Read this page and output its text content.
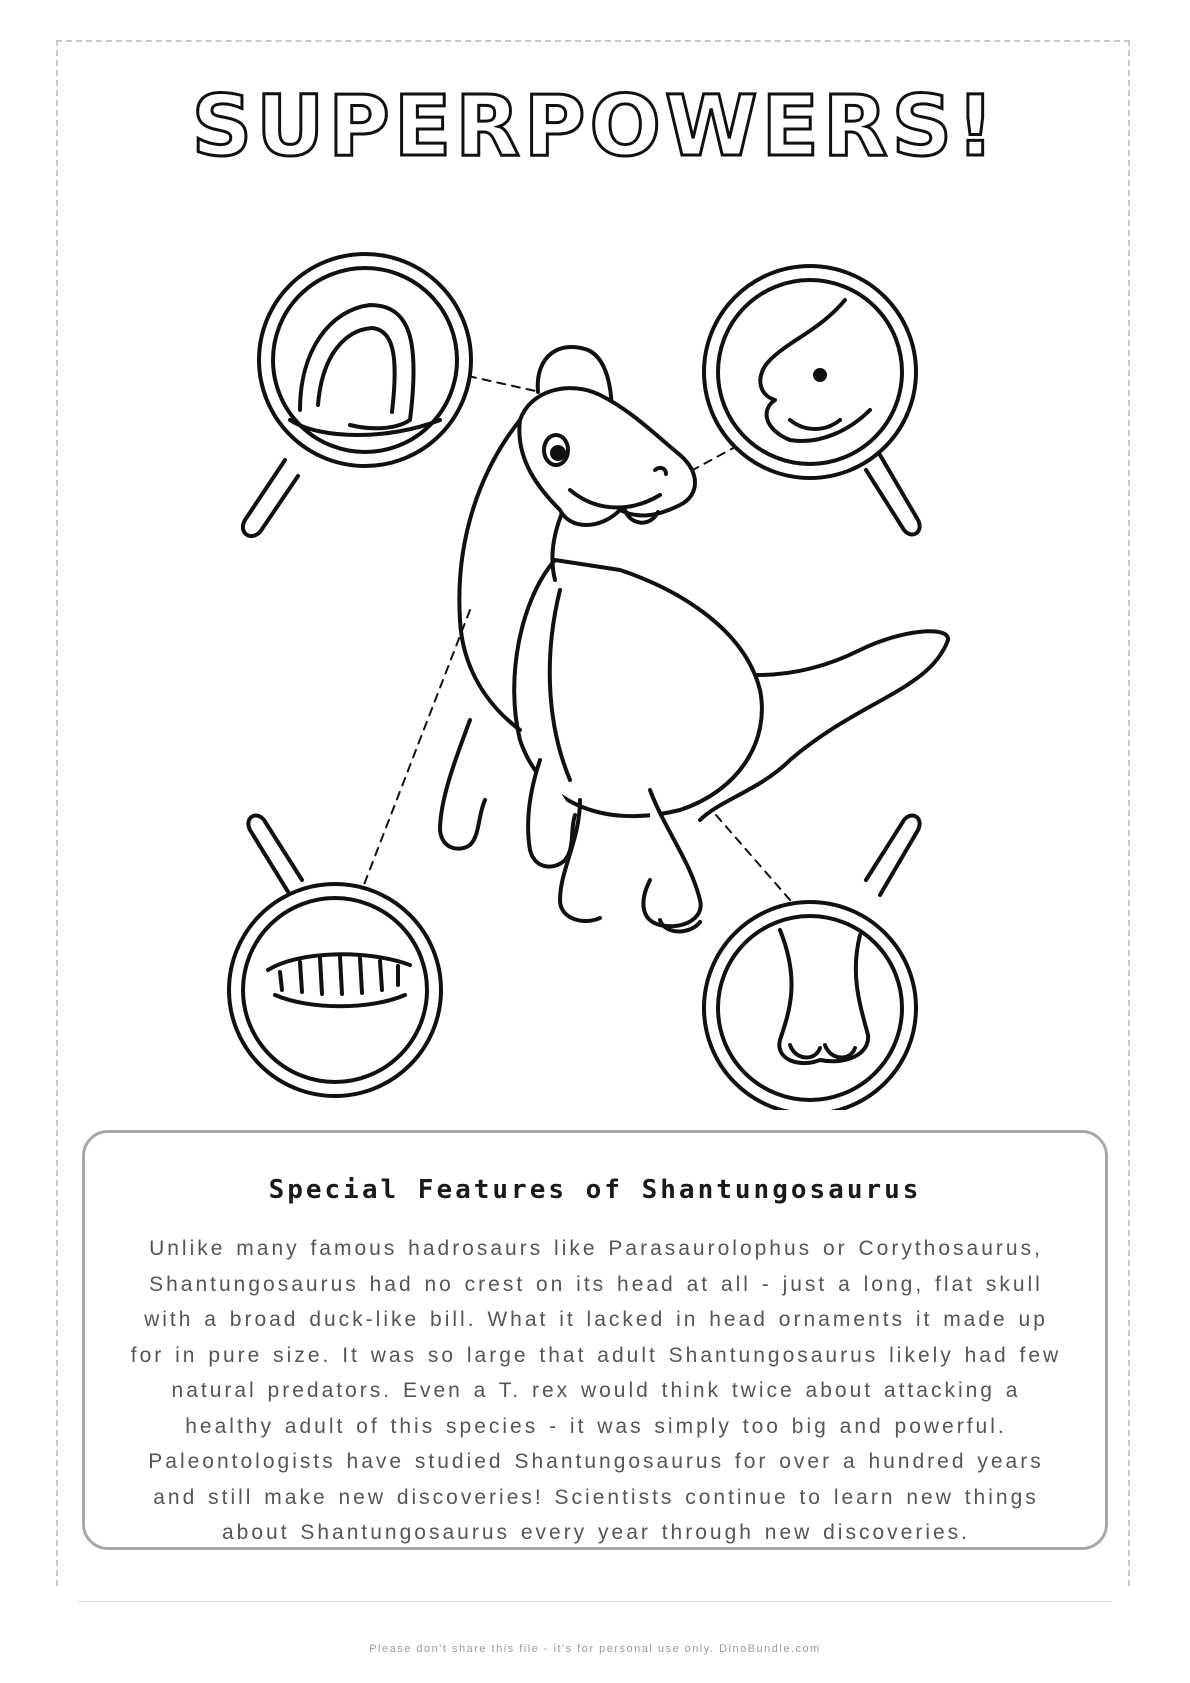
SUPERPOWERS!
Special Features of Shantungosaurus

Unlike many famous hadrosaurs like Parasaurolophus or Corythosaurus, Shantungosaurus had no crest on its head at all - just a long, flat skull with a broad duck-like bill. What it lacked in head ornaments it made up for in pure size. It was so large that adult Shantungosaurus likely had few natural predators. Even a T. rex would think twice about attacking a healthy adult of this species - it was simply too big and powerful. Paleontologists have studied Shantungosaurus for over a hundred years and still make new discoveries! Scientists continue to learn new things about Shantungosaurus every year through new discoveries.

Please don't share this file - it's for personal use only. DinoBundle.com
